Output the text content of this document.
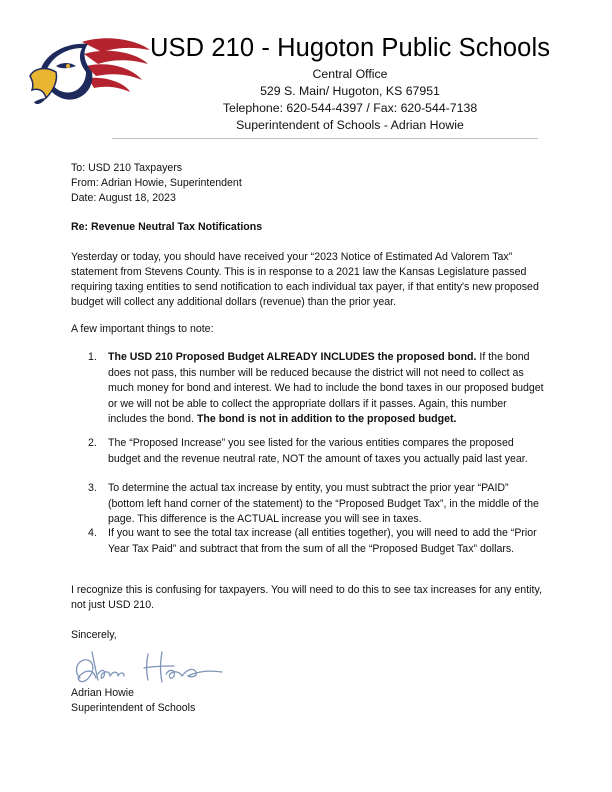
USD 210 - Hugoton Public Schools
Central Office
529 S. Main/ Hugoton, KS 67951
Telephone: 620-544-4397 / Fax: 620-544-7138
Superintendent of Schools - Adrian Howie
To: USD 210 Taxpayers
From: Adrian Howie, Superintendent
Date: August 18, 2023
Re: Revenue Neutral Tax Notifications
Yesterday or today, you should have received your “2023 Notice of Estimated Ad Valorem Tax” statement from Stevens County. This is in response to a 2021 law the Kansas Legislature passed requiring taxing entities to send notification to each individual tax payer, if that entity's new proposed budget will collect any additional dollars (revenue) than the prior year.
A few important things to note:
1. The USD 210 Proposed Budget ALREADY INCLUDES the proposed bond. If the bond does not pass, this number will be reduced because the district will not need to collect as much money for bond and interest. We had to include the bond taxes in our proposed budget or we will not be able to collect the appropriate dollars if it passes. Again, this number includes the bond. The bond is not in addition to the proposed budget.
2. The “Proposed Increase” you see listed for the various entities compares the proposed budget and the revenue neutral rate, NOT the amount of taxes you actually paid last year.
3. To determine the actual tax increase by entity, you must subtract the prior year “PAID” (bottom left hand corner of the statement) to the “Proposed Budget Tax”, in the middle of the page. This difference is the ACTUAL increase you will see in taxes.
4. If you want to see the total tax increase (all entities together), you will need to add the “Prior Year Tax Paid” and subtract that from the sum of all the “Proposed Budget Tax” dollars.
I recognize this is confusing for taxpayers. You will need to do this to see tax increases for any entity, not just USD 210.
Sincerely,
Adrian Howie
Superintendent of Schools
